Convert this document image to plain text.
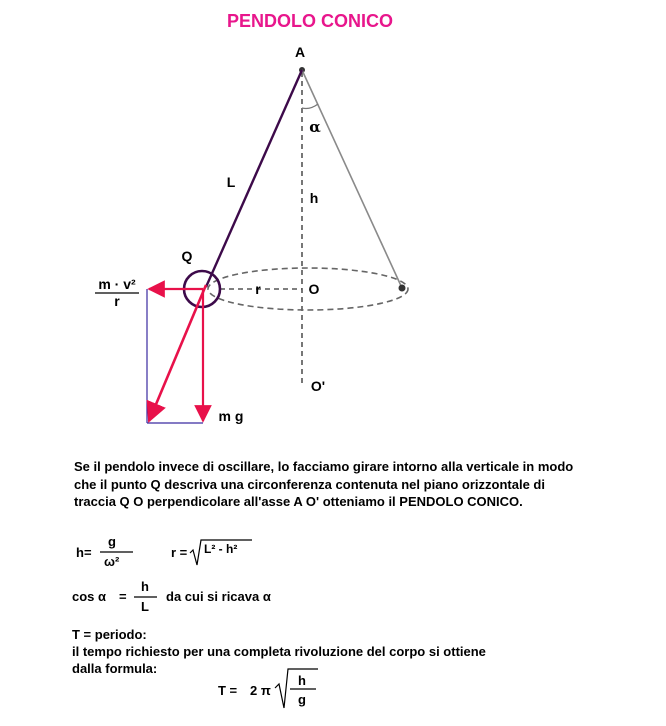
PENDOLO CONICO
A
α
L
h
Q
r	O
O'
m · v²
r
m g

Se il pendolo invece di oscillare, lo facciamo girare intorno alla verticale in modo che il punto Q descriva una circonferenza contenuta nel piano orizzontale di traccia Q O perpendicolare all'asse A O' otteniamo il PENDOLO CONICO.

h=
g
ω²
r = L² - h²
cos α =
h
L
da cui si ricava α
T = periodo:
il tempo richiesto per una completa rivoluzione del corpo si ottiene
dalla formula:
T = 2 π
h
g
